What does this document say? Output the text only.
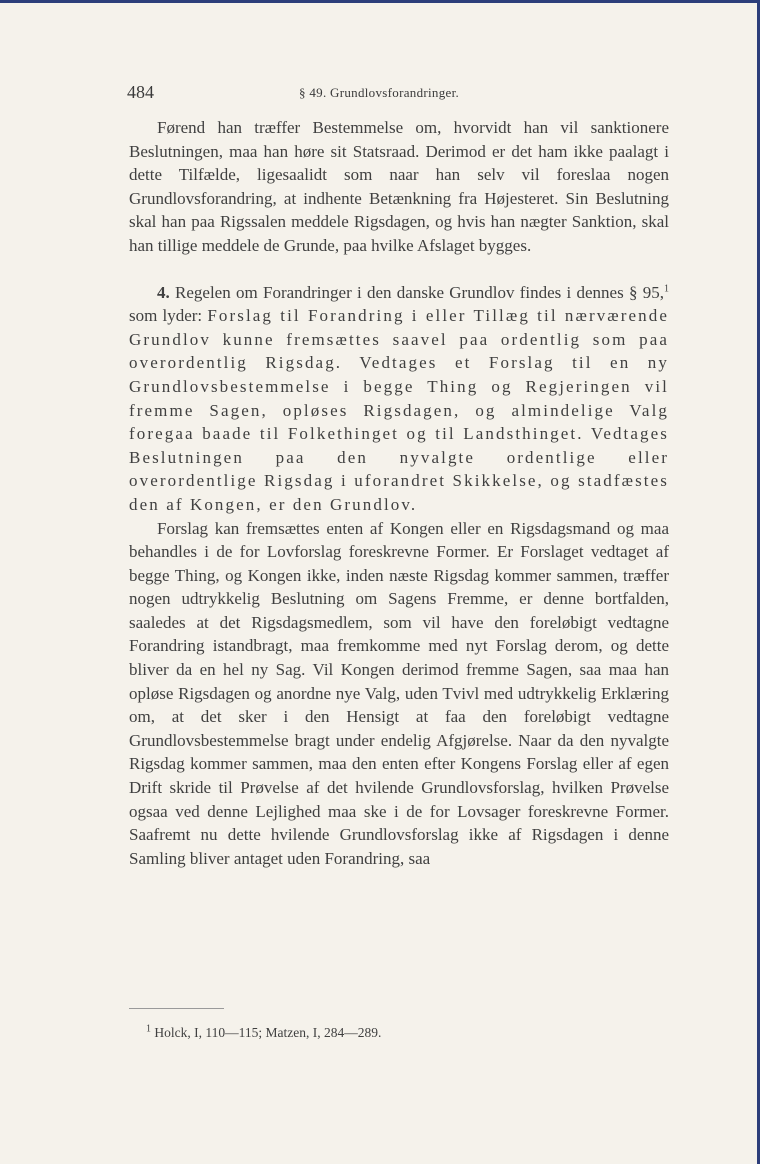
484	§ 49. Grundlovsforandringer.

Førend han træffer Bestemmelse om, hvorvidt han vil sanktionere Beslutningen, maa han høre sit Statsraad. Derimod er det ham ikke paalagt i dette Tilfælde, ligesaalidt som naar han selv vil foreslaa nogen Grundlovsforandring, at indhente Betænkning fra Højesteret. Sin Beslutning skal han paa Rigssalen meddele Rigsdagen, og hvis han nægter Sanktion, skal han tillige meddele de Grunde, paa hvilke Afslaget bygges.

4. Regelen om Forandringer i den danske Grundlov findes i dennes § 95,$^1$ som lyder: Forslag til Forandring i eller Tillæg til nærværende Grundlov kunne fremsættes saavel paa ordentlig som paa overordentlig Rigsdag. Vedtages et Forslag til en ny Grundlovsbestemmelse i begge Thing og Regjeringen vil fremme Sagen, opløses Rigsdagen, og almindelige Valg foregaa baade til Folkethinget og til Landsthinget. Vedtages Beslutningen paa den nyvalgte ordentlige eller overordentlige Rigsdag i uforandret Skikkelse, og stadfæstes den af Kongen, er den Grundlov.

Forslag kan fremsættes enten af Kongen eller en Rigsdagsmand og maa behandles i de for Lovforslag foreskrevne Former. Er Forslaget vedtaget af begge Thing, og Kongen ikke, inden næste Rigsdag kommer sammen, træffer nogen udtrykkelig Beslutning om Sagens Fremme, er denne bortfalden, saaledes at det Rigsdagsmedlem, som vil have den foreløbigt vedtagne Forandring istandbragt, maa fremkomme med nyt Forslag derom, og dette bliver da en hel ny Sag. Vil Kongen derimod fremme Sagen, saa maa han opløse Rigsdagen og anordne nye Valg, uden Tvivl med udtrykkelig Erklæring om, at det sker i den Hensigt at faa den foreløbigt vedtagne Grundlovsbestemmelse bragt under endelig Afgjørelse. Naar da den nyvalgte Rigsdag kommer sammen, maa den enten efter Kongens Forslag eller af egen Drift skride til Prøvelse af det hvilende Grundlovsforslag, hvilken Prøvelse ogsaa ved denne Lejlighed maa ske i de for Lovsager foreskrevne Former. Saafremt nu dette hvilende Grundlovsforslag ikke af Rigsdagen i denne Samling bliver antaget uden Forandring, saa

$^1$ Holck, I, 110—115; Matzen, I, 284—289.
